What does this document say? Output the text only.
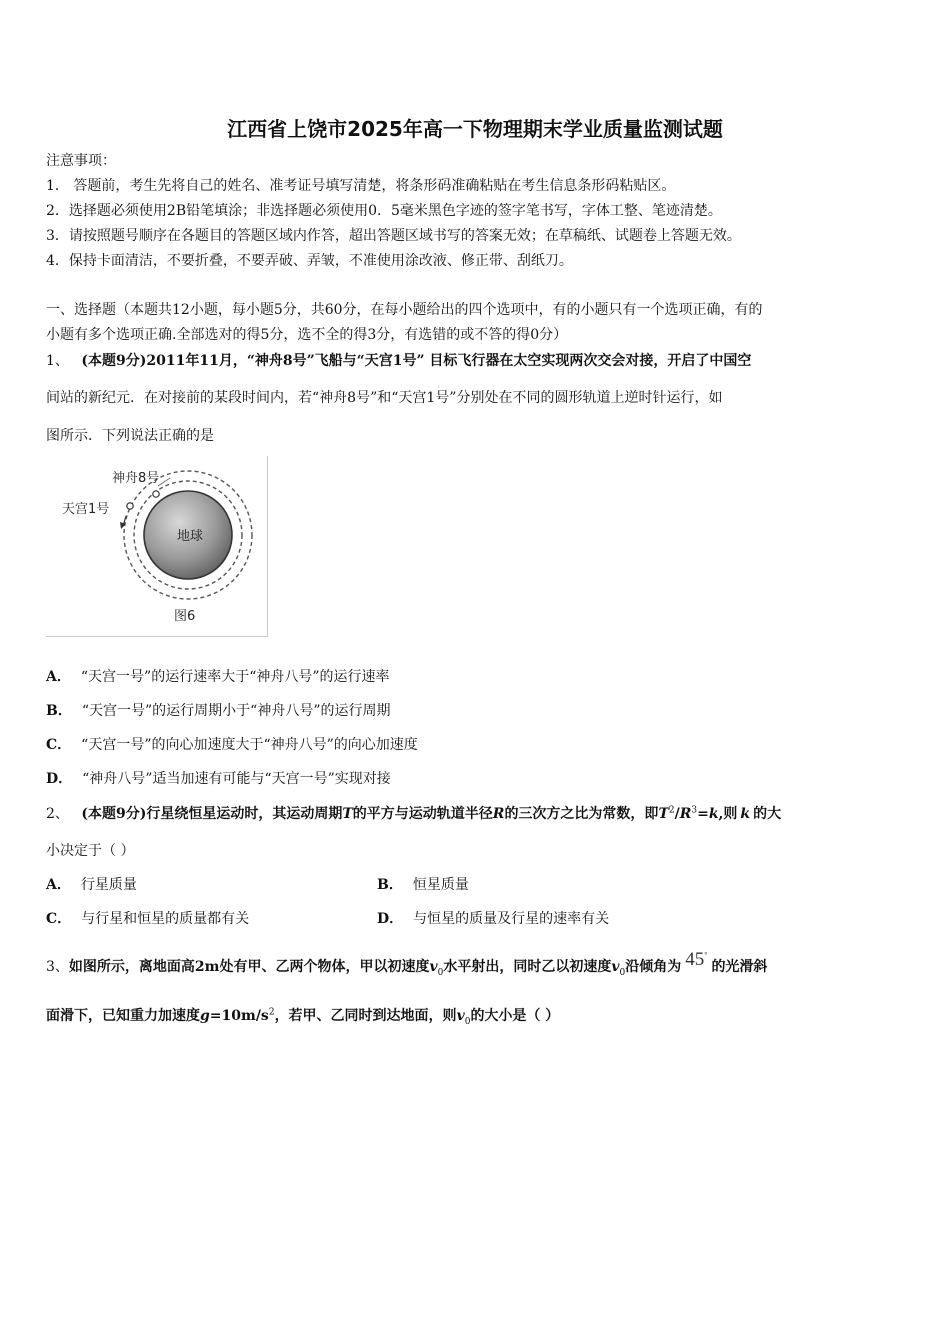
江西省上饶市2025年高一下物理期末学业质量监测试题
注意事项：
1． 答题前，考生先将自己的姓名、准考证号填写清楚，将条形码准确粘贴在考生信息条形码粘贴区。
2．选择题必须使用2B铅笔填涂；非选择题必须使用0．5毫米黑色字迹的签字笔书写，字体工整、笔迹清楚。
3．请按照题号顺序在各题目的答题区域内作答，超出答题区域书写的答案无效；在草稿纸、试题卷上答题无效。
4．保持卡面清洁，不要折叠，不要弄破、弄皱，不准使用涂改液、修正带、刮纸刀。
一、选择题（本题共12小题，每小题5分，共60分，在每小题给出的四个选项中，有的小题只有一个选项正确，有的
小题有多个选项正确.全部选对的得5分，选不全的得3分，有选错的或不答的得0分）
1、 (本题9分)2011年11月，“神舟8号”飞船与“天宫1号” 目标飞行器在太空实现两次交会对接，开启了中国空
间站的新纪元．在对接前的某段时间内，若“神舟8号”和“天宫1号”分别处在不同的圆形轨道上逆时针运行，如
图所示．下列说法正确的是
地球
神舟8号
天宫1号
图6
A． “天宫一号”的运行速率大于“神舟八号”的运行速率
B． “天宫一号”的运行周期小于“神舟八号”的运行周期
C． “天宫一号”的向心加速度大于“神舟八号”的向心加速度
D． “神舟八号”适当加速有可能与“天宫一号”实现对接
2、 (本题9分)行星绕恒星运动时，其运动周期T的平方与运动轨道半径R的三次方之比为常数，即$T^2/R^3=k$,则 k 的大
小决定于（ ）
A． 行星质量	B． 恒星质量
C． 与行星和恒星的质量都有关	D． 与恒星的质量及行星的速率有关
3、如图所示，离地面高2m处有甲、乙两个物体，甲以初速度$v_0$水平射出，同时乙以初速度$v_0$沿倾角为 45°的光滑斜
面滑下，已知重力加速度$g=10m/s^2$，若甲、乙同时到达地面，则$v_0$的大小是（ ）
